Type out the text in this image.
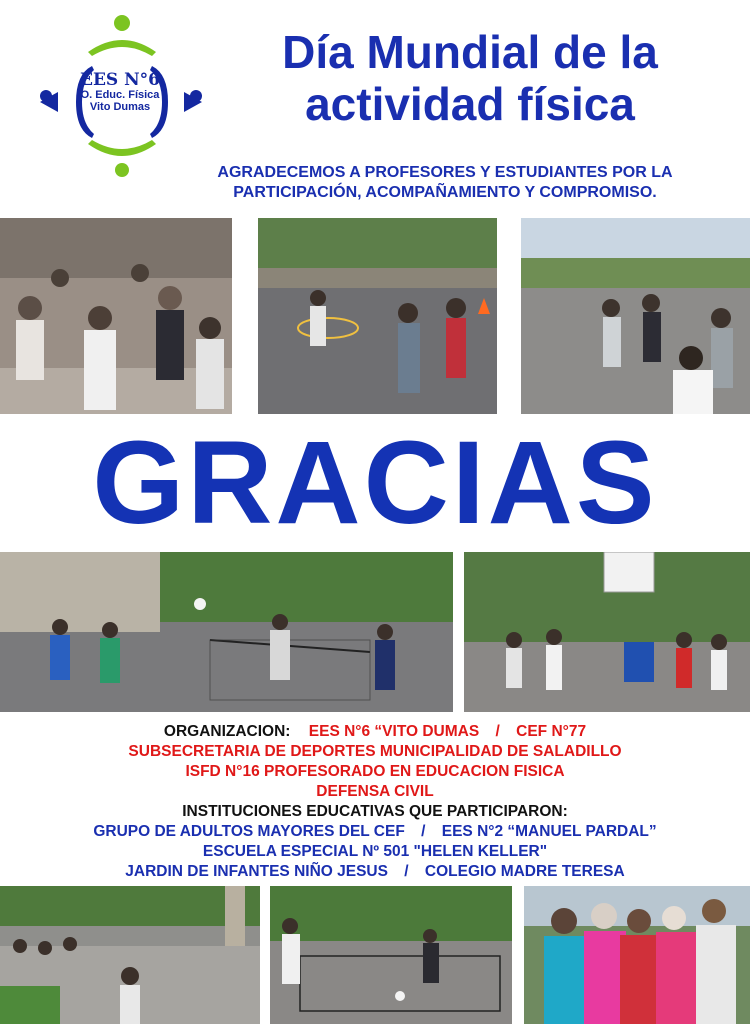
EES N°6
O. Educ. Física
Vito Dumas
Día Mundial de la
actividad física
AGRADECEMOS A PROFESORES Y ESTUDIANTES POR LA
PARTICIPACIÓN, ACOMPAÑAMIENTO Y COMPROMISO.
GRACIAS
ORGANIZACION: EES N°6 “VITO DUMAS / CEF N°77
SUBSECRETARIA DE DEPORTES MUNICIPALIDAD DE SALADILLO
ISFD N°16 PROFESORADO EN EDUCACION FISICA
DEFENSA CIVIL
INSTITUCIONES EDUCATIVAS QUE PARTICIPARON:
GRUPO DE ADULTOS MAYORES DEL CEF / EES N°2 “MANUEL PARDAL”
ESCUELA ESPECIAL Nº 501 "HELEN KELLER"
JARDIN DE INFANTES NIÑO JESUS / COLEGIO MADRE TERESA
